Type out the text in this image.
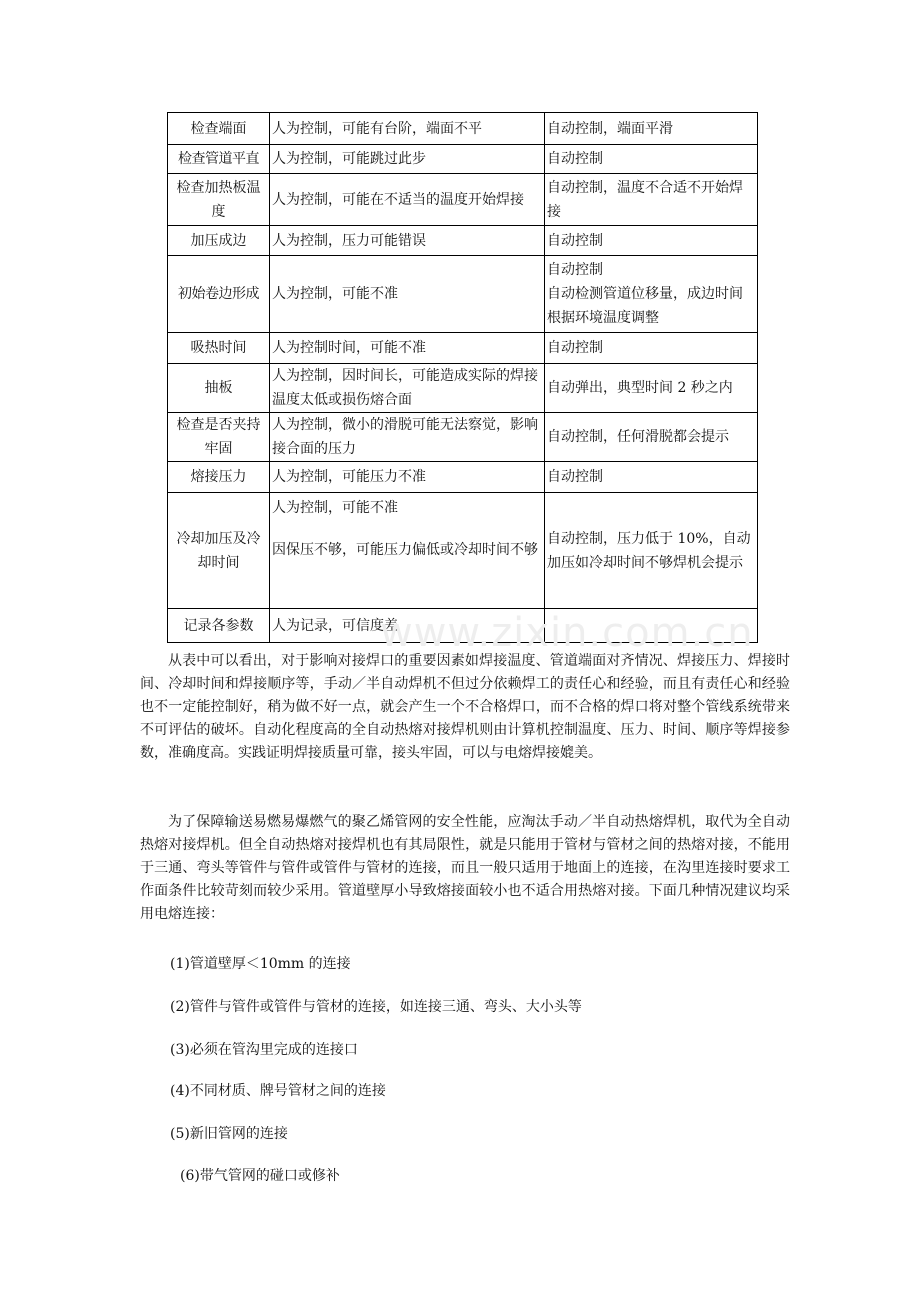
检查端面	人为控制，可能有台阶，端面不平	自动控制，端面平滑

检查管道平直	人为控制，可能跳过此步	自动控制

检查加热板温度	人为控制，可能在不适当的温度开始焊接	自动控制，温度不合适不开始焊接

加压成边	人为控制，压力可能错误	自动控制

初始卷边形成	人为控制，可能不准	自动控制
自动检测管道位移量，成边时间根据环境温度调整

吸热时间	人为控制时间，可能不准	自动控制

抽板	人为控制，因时间长，可能造成实际的焊接温度太低或损伤熔合面	自动弹出，典型时间 2 秒之内

检查是否夹持牢固	人为控制，微小的滑脱可能无法察觉，影响接合面的压力	自动控制，任何滑脱都会提示

熔接压力	人为控制，可能压力不准	自动控制

冷却加压及冷却时间	人为控制，可能不准
因保压不够，可能压力偏低或冷却时间不够	自动控制，压力低于 10%，自动加压如冷却时间不够焊机会提示

记录各参数	人为记录，可信度差	

www.zixin.com.cn

从表中可以看出，对于影响对接焊口的重要因素如焊接温度、管道端面对齐情况、焊接压力、焊接时间、冷却时间和焊接顺序等，手动／半自动焊机不但过分依赖焊工的责任心和经验，而且有责任心和经验也不一定能控制好，稍为做不好一点，就会产生一个不合格焊口，而不合格的焊口将对整个管线系统带来不可评估的破坏。自动化程度高的全自动热熔对接焊机则由计算机控制温度、压力、时间、顺序等焊接参数，准确度高。实践证明焊接质量可靠，接头牢固，可以与电熔焊接媲美。

为了保障输送易燃易爆燃气的聚乙烯管网的安全性能，应淘汰手动／半自动热熔焊机，取代为全自动热熔对接焊机。但全自动热熔对接焊机也有其局限性，就是只能用于管材与管材之间的热熔对接，不能用于三通、弯头等管件与管件或管件与管材的连接，而且一般只适用于地面上的连接，在沟里连接时要求工作面条件比较苛刻而较少采用。管道壁厚小导致熔接面较小也不适合用热熔对接。下面几种情况建议均采用电熔连接：

(1)管道壁厚＜10mm 的连接

(2)管件与管件或管件与管材的连接，如连接三通、弯头、大小头等

(3)必须在管沟里完成的连接口

(4)不同材质、牌号管材之间的连接

(5)新旧管网的连接

(6)带气管网的碰口或修补
